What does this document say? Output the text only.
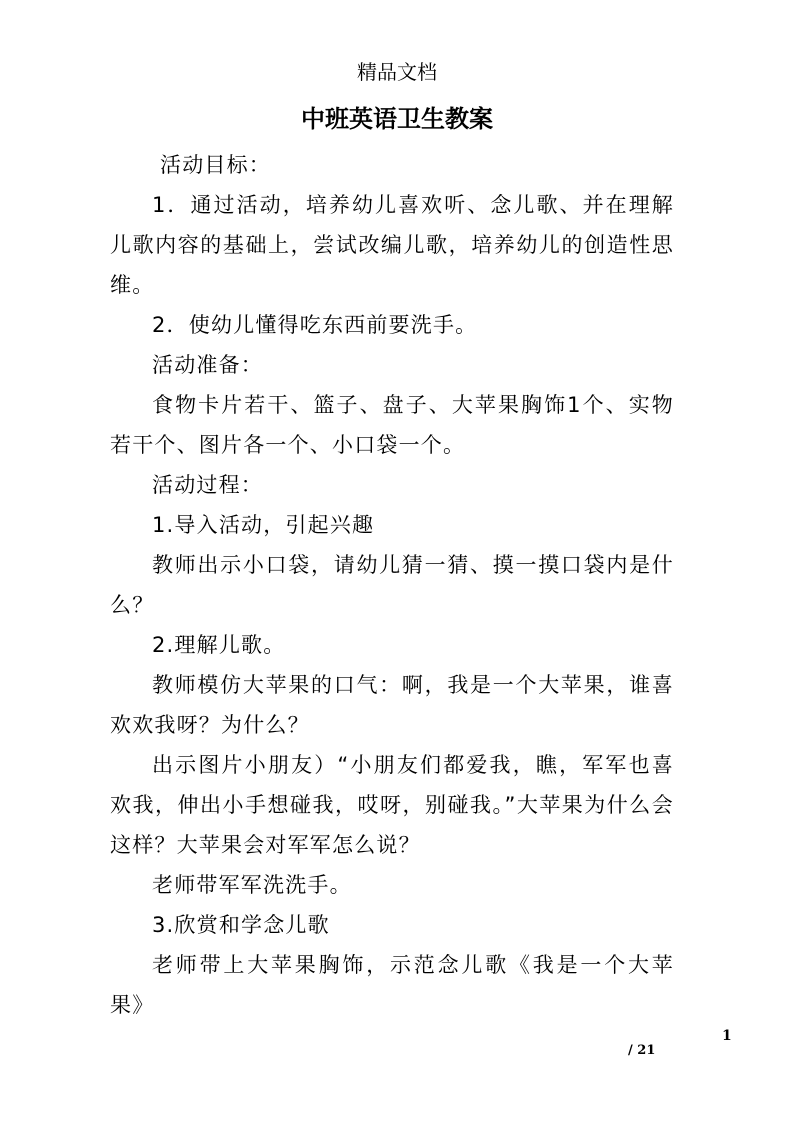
精品文档
中班英语卫生教案

活动目标：

1．通过活动，培养幼儿喜欢听、念儿歌、并在理解儿歌内容的基础上，尝试改编儿歌，培养幼儿的创造性思维。

2．使幼儿懂得吃东西前要洗手。

活动准备：

食物卡片若干、篮子、盘子、大苹果胸饰1个、实物若干个、图片各一个、小口袋一个。

活动过程：

1.导入活动，引起兴趣

教师出示小口袋，请幼儿猜一猜、摸一摸口袋内是什么？

2.理解儿歌。

教师模仿大苹果的口气：啊，我是一个大苹果，谁喜欢欢我呀？为什么？

出示图片小朋友）“小朋友们都爱我，瞧，军军也喜欢我，伸出小手想碰我，哎呀，别碰我。”大苹果为什么会这样？大苹果会对军军怎么说？

老师带军军洗洗手。

3.欣赏和学念儿歌

老师带上大苹果胸饰，示范念儿歌《我是一个大苹果》

1
/ 21
